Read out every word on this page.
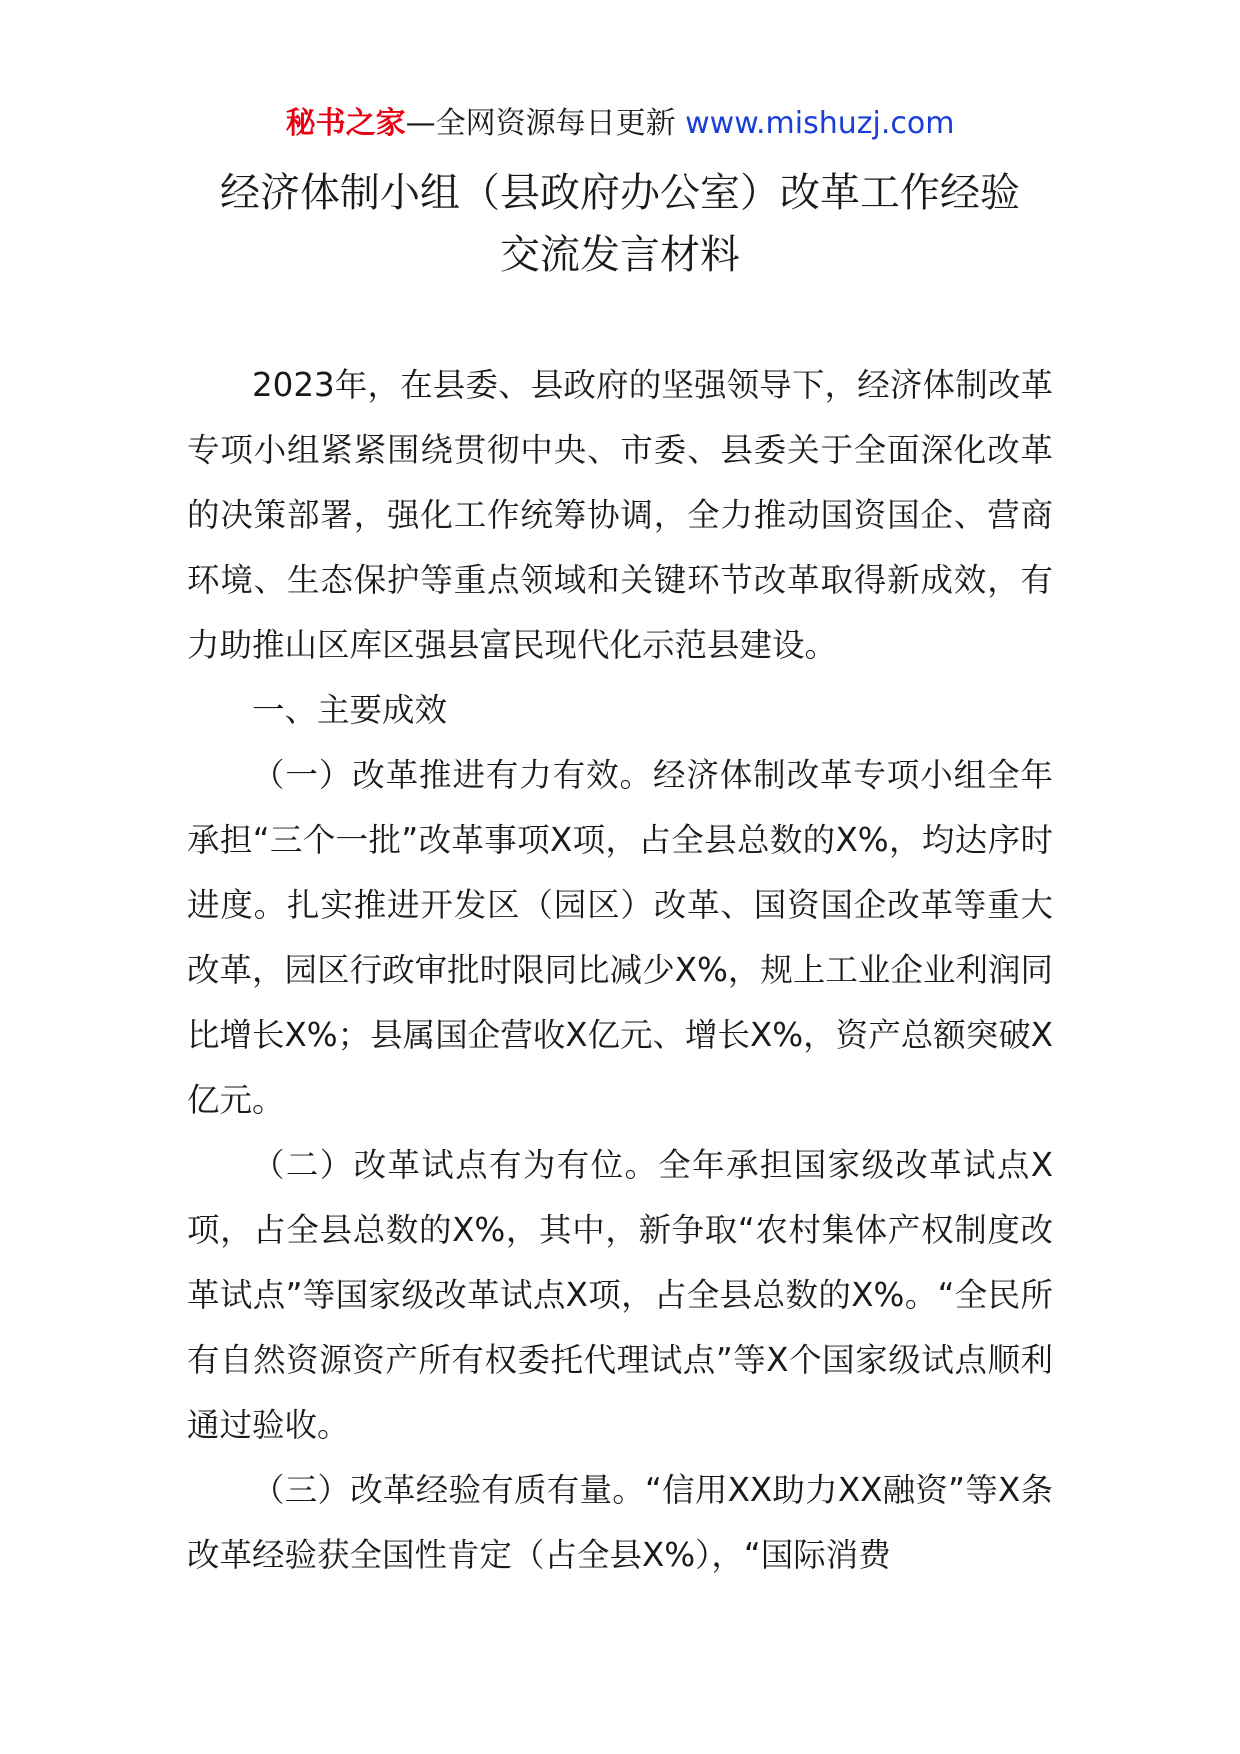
秘书之家—全网资源每日更新 www.mishuzj.com
经济体制小组（县政府办公室）改革工作经验
交流发言材料

2023年，在县委、县政府的坚强领导下，经济体制改革专项小组紧紧围绕贯彻中央、市委、县委关于全面深化改革的决策部署，强化工作统筹协调，全力推动国资国企、营商环境、生态保护等重点领域和关键环节改革取得新成效，有力助推山区库区强县富民现代化示范县建设。

一、主要成效

（一）改革推进有力有效。经济体制改革专项小组全年承担“三个一批”改革事项X项，占全县总数的X%，均达序时进度。扎实推进开发区（园区）改革、国资国企改革等重大改革，园区行政审批时限同比减少X%，规上工业企业利润同比增长X%；县属国企营收X亿元、增长X%，资产总额突破X亿元。

（二）改革试点有为有位。全年承担国家级改革试点X项，占全县总数的X%，其中，新争取“农村集体产权制度改革试点”等国家级改革试点X项，占全县总数的X%。“全民所有自然资源资产所有权委托代理试点”等X个国家级试点顺利通过验收。

（三）改革经验有质有量。“信用XX助力XX融资”等X条改革经验获全国性肯定（占全县X%），“国际消费
